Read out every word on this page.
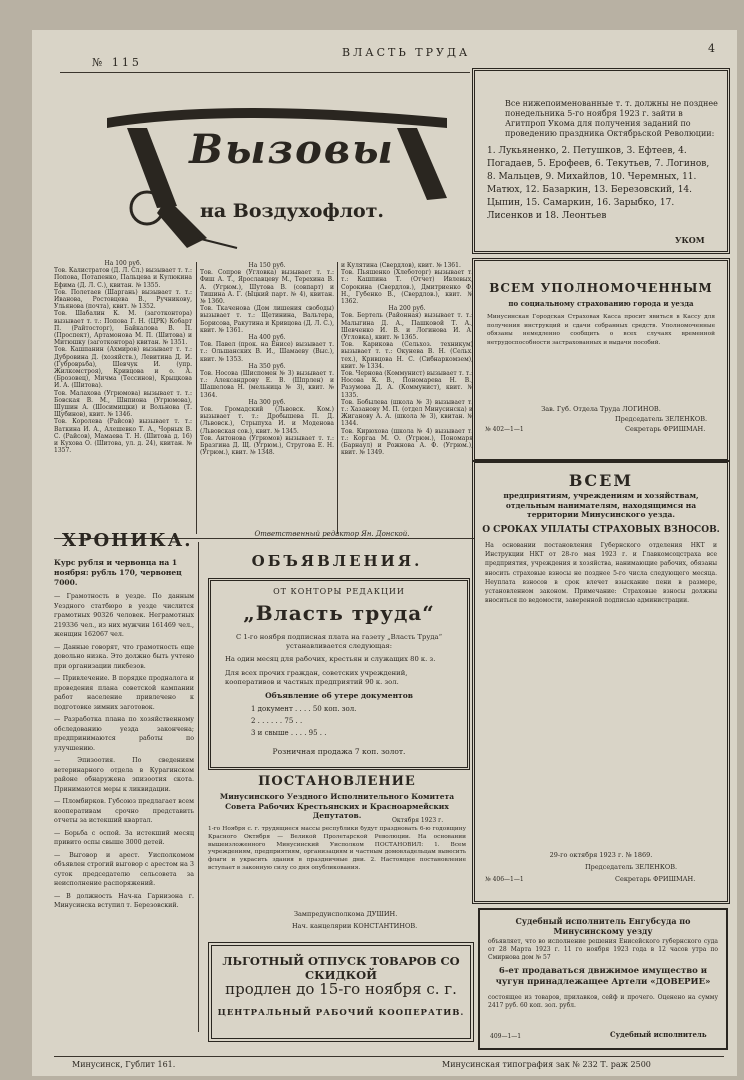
№ 115
ВЛАСТЬ ТРУДА	4
Вызовы
на Воздухофлот.
На 100 руб.
Тов. Калистратов (Д. Л. Сл.) вызывает т. т.: Попова, Потапенко, Пальцева и Кулюкина Ефима (Д. Л. С.), квитан. № 1355.
Тов. Полетаев (Шаргань) вызывает т. т.: Иванова, Ростовцева В., Ручникову, Ульянова (почта), квит. № 1352.
Тов. Шабалин К. М. (заготконтора) вызывает т. т.: Попова Г. Н. (ЦРК) Кобарт П. (Райтосторг), Байкалова В. П. (Проспект), Артамонова М. П. (Шитова) и Митюшку (заготконтора) квитан. № 1351.
Тов. Кашпанин (Ахмиров) вызывает т. т.: Дубровина Д. (хозяйств.), Левитина Д. И. (Губроврьба), Шевчук И. (упр. Жилкомстроя), Кривцова и о. А. (Брозовец), Мичма (Тессинов), Крыцкова И. А. (Шитова).
Тов. Малахова (Угрюмова) вызывает т. т.: Бовская В. М., Шнпиона (Угрюмова), Шушин А. (Шосимищки) и Вольнова (Т. Щубинов), квит. № 1346.
Тов. Королева (Райсов) вызывает т. т.: Ваткина И. А., Алешевко Т. А., Чорных В. С. (Райсов), Мамаева Т. Н. (Шитова д. 16) и Кухова О. (Шитова, ул. д. 24), квитан. № 1357.
На 150 руб.
Тов. Сопров (Угловка) вызывает т. т.: Фиш А. Т., Ярославцеву М., Терехина В. А. (Угрюм.), Шутова В. (совпарт) и Тишина А. Г. (Ыцкий парт. № 4), квитан. № 1360.
Тов. Ткаченова (Дом лишения свободы) вызывает т. т.: Щетинина, Вальтера, Борисова, Ракутина и Кривцова (Д. Л. С.), квит. № 1361.
На 400 руб.
Тов. Павел (прок. на Енисе) вызывает т. т.: Ольшанских В. И., Шамаеву (Выс.), квит. № 1353.
На 350 руб.
Тов. Носова (Шиспомен № 3) вызывает т. т.: Александрову Е. В. (Шпрлен) и Шашелова Н. (мельница № 3), квит. № 1364.
На 300 руб.
Тов. Громадский (Львовск. Ком.) вызывает т. т.: Дробышева П. Д. (Львовск.), Стрыпуха И. и Моденова (Львовская сов.), квит. № 1345.
Тов. Антонова (Угрюмов) вызывает т. т.: Бразгина Д. Щ. (Угрюм.), Стругова Е. Н. (Угрюм.), квит. № 1348.
и Кулятина (Свердлов), квит. № 1361.
Тов. Пьяшенко (Хлеботорг) вызывает т. т.: Кашпина Т. (Отчет) Ивлевых, Сорокина (Свердлов.), Дмитриенко Ф. Н., Губенко В., (Свердлов.), квит. № 1362.
На 200 руб.
Тов. Бертель (Районная) вызывает т. т.: Малыгина Д. А., Пашковой Т. А., Шевченко И. В. и Логинова И. А. (Угловка), квит. № 1365.
Тов. Карикова (Сельхоз. техникум) вызывает т. т.: Окунева В. Н. (Сельх. тех.), Кривцова Н. С. (Сибнаркомзем), квит. № 1334.
Тов. Чернова (Коммунист) вызывает т. т.: Носова К. В., Пономарева Н. В., Разумова Д. А. (Коммунист), квит. № 1335.
Тов. Бобылева (школа № 3) вызывает т. т.: Хазанову М. П. (отдел Минусинска) и Жиганову А. А. (школа № 3), квитан. № 1344.
Тов. Кирюхова (школа № 4) вызывает т. т.: Коргаа М. О. (Угрюм.), Пономаря (Барнаул) и Рожнова А. Ф. (Угрюм.), квит. № 1349.
Ответственный редактор Ян. Донской.
Все нижепоименованные т. т. должны не позднее понедельника 5-го ноября 1923 г. зайти в Агитпроп Укома для получения заданий по проведению праздника Октябрьской Революции:
1. Лукьяненко, 2. Петушков, 3. Ефтеев, 4. Погадаев, 5. Ерофеев, 6. Текутьев, 7. Логинов, 8. Мальцев, 9. Михайлов, 10. Черемных, 11. Матюх, 12. Базаркин, 13. Березовский, 14. Цыпин, 15. Самаркин, 16. Зарыбко, 17. Лисенков и 18. Леонтьев
УКОМ
ВСЕМ УПОЛНОМОЧЕННЫМ
по социальному страхованию города и уезда
Минусинская Городская Страховая Касса просит явиться в Кассу для получения инструкций и сдачи собранных средств. Уполномоченные обязаны немедленно сообщить о всех случаях временной нетрудоспособности застрахованных и выдачи пособий.
Зав. Губ. Отдела Труда ЛОГИНОВ.
Председатель ЗЕЛЕНКОВ.
Секретарь ФРИШМАН.
№ 402—1—1
ВСЕМ
предприятиям, учреждениям и хозяйствам, отдельным нанимателям, находящимся на территории Минусинского уезда.
О СРОКАХ УПЛАТЫ СТРАХОВЫХ ВЗНОСОВ.
На основании постановления Губернского отделения НКТ и Инструкции НКТ от 28-го мая 1923 г. и Главкомсоцстраха все предприятия, учреждения и хозяйства, нанимающие рабочих, обязаны вносить страховые взносы не позднее 5-го числа следующего месяца. Неуплата взносов в срок влечет взыскание пени в размере, установленном законом. Примечание: Страховые взносы должны вноситься по ведомости, заверенной подписью администрации.
29-го октября 1923 г. № 1869.
Председатель ЗЕЛЕНКОВ.
Секретарь ФРИШМАН.
№ 406—1—1
Судебный исполнитель Енгубсуда по Минусинскому уезду
объявляет, что во исполнение решения Енисейского губернского суда от 28 Марта 1923 г. 11 го ноября 1923 года в 12 часов утра по Смирнова дом № 57
6-ет продаваться движимое имущество и чугун принадлежащее Артели «ДОВЕРИЕ»
состоящее из товаров, прилавков, сейф и прочего. Оценено на сумму 2417 руб. 60 коп. зол. рубл.
409—1—1	Судебный исполнитель
ХРОНИКА.
Курс рубля и червонца на 1 ноября: рубль 170, червонец 7000.
— Грамотность в уезде. По данным Уездного статбюро в уезде числится грамотных 90326 человек. Неграмотных 219336 чел., из них мужчин 161469 чел., женщин 162067 чел.
— Данные говорят, что грамотность еще довольно низка. Это должно быть учтено при организации ликбезов.
— Привлечение. В порядке продналога и проведения плана советской кампании работ население привлечено к подготовке зимних заготовок.
— Разработка плана по хозяйственному обследованию уезда закончена; предпринимаются работы по улучшению.
— Эпизоотия. По сведениям ветеринарного отдела в Курагинском районе обнаружена эпизоотия скота. Принимаются меры к ликвидации.
— Пломбирков. Губсоюз предлагает всем кооперативам срочно представить отчеты за истекший квартал.
— Борьба с оспой. За истекший месяц привито оспы свыше 3000 детей.
— Выговор и арест. Уисполкомом объявлен строгий выговор с арестом на 3 суток председателю сельсовета за неисполнение распоряжений.
— В должность Нач-ка Гарнизона г. Минусинска вступил т. Березовский.
ОБЪЯВЛЕНИЯ.
ОТ КОНТОРЫ РЕДАКЦИИ
„Власть труда“
С 1-го ноября подписная плата на газету „Власть Труда“ устанавливается следующая:
На один месяц для рабочих, крестьян и служащих 80 к. з.
Для всех прочих граждан, советских учреждений, кооперативов и частных предприятий 90 к. зол.
Объявление об утере документов
1 документ . . . . 50 коп. зол.
2 . . . . . . 75 . .
3 и свыше . . . . 95 . .
Розничная продажа 7 коп. золот.
ПОСТАНОВЛЕНИЕ
Минусинского Уездного Исполнительного Комитета Совета Рабочих Крестьянских и Красноармейских Депутатов.
Октября 1923 г.
1-го Ноября с. г. трудящиеся массы республики будут праздновать 6-ю годовщину Красного Октября — Великой Пролетарской Революции. На основании вышеизложенного Минусинский Уисполком ПОСТАНОВИЛ: 1. Всем учреждениям, предприятиям, организациям и частным домовладельцам вывесить флаги и украсить здания в праздничные дни. 2. Настоящее постановление вступает в законную силу со дня опубликования.
Зампредуисполкома ДУШИН.
Нач. канцелярии КОНСТАНТИНОВ.
ЛЬГОТНЫЙ ОТПУСК ТОВАРОВ СО СКИДКОЙ
продлен до 15-го ноября с. г.
ЦЕНТРАЛЬНЫЙ РАБОЧИЙ КООПЕРАТИВ.
Минусинск, Гублит 161.	Минусинская типография зак № 232 Т. раж 2500
